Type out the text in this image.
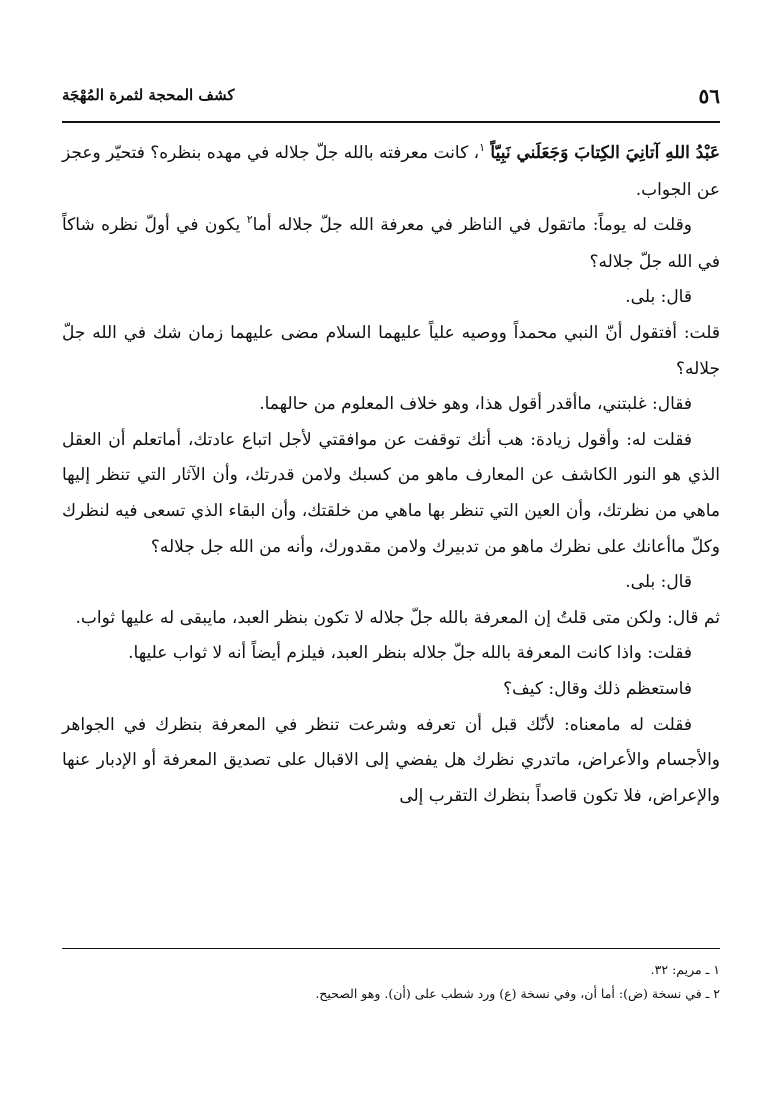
٥٦
كشف المحجة لثمرة المُهْجَة

عَبْدُ اللهِ آتانِيَ الكِتابَ وَجَعَلَني نَبِيّاً $^١$، كانت معرفته بالله جلّ جلاله في مهده بنظره؟ فتحيّر وعجز عن الجواب.

وقلت له يوماً: ماتقول في الناظر في معرفة الله جلّ جلاله أما$^٢$ يكون في أولّ نظره شاكاً في الله جلّ جلاله؟

قال: بلى.

قلت: أفتقول أنّ النبي محمداً ووصيه علياً عليهما السلام مضى عليهما زمان شك في الله جلّ جلاله؟

فقال: غلبتني، ماأقدر أقول هذا، وهو خلاف المعلوم من حالهما.

فقلت له: وأقول زيادة: هب أنك توقفت عن موافقتي لأجل اتباع عادتك، أماتعلم أن العقل الذي هو النور الكاشف عن المعارف ماهو من كسبك ولامن قدرتك، وأن الآثار التي تنظر إليها ماهي من نظرتك، وأن العين التي تنظر بها ماهي من خلقتك، وأن البقاء الذي تسعى فيه لنظرك وكلّ ماأعانك على نظرك ماهو من تدبيرك ولامن مقدورك، وأنه من الله جل جلاله؟

قال: بلى.

ثم قال: ولكن متى قلتُ إن المعرفة بالله جلّ جلاله لا تكون بنظر العبد، مايبقى له عليها ثواب.

فقلت: واذا كانت المعرفة بالله جلّ جلاله بنظر العبد، فيلزم أيضاً أنه لا ثواب عليها.

فاستعظم ذلك وقال: كيف؟

فقلت له مامعناه: لأنّك قبل أن تعرفه وشرعت تنظر في المعرفة بنظرك في الجواهر والأجسام والأعراض، ماتدري نظرك هل يفضي إلى الاقبال على تصديق المعرفة أو الإدبار عنها والإعراض، فلا تكون قاصداً بنظرك التقرب إلى

١ ـ مريم: ٣٢.

٢ ـ في نسخة (ض): أما أن، وفي نسخة (ع) ورد شطب على (أن). وهو الصحيح.
